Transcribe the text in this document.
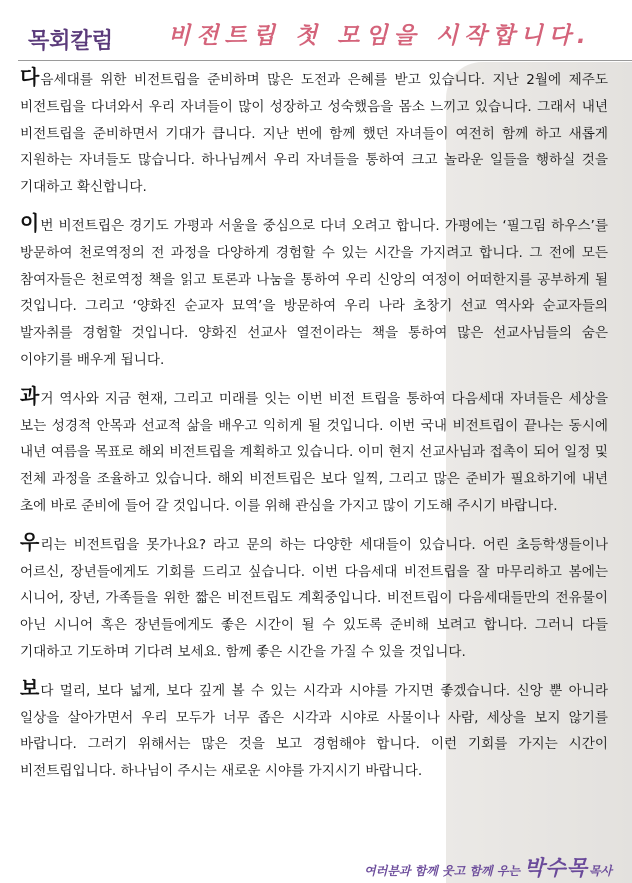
목회칼럼 비전트립 첫 모임을 시작합니다.

다음세대를 위한 비전트립을 준비하며 많은 도전과 은혜를 받고 있습니다. 지난 2월에 제주도 비전트립을 다녀와서 우리 자녀들이 많이 성장하고 성숙했음을 몸소 느끼고 있습니다. 그래서 내년 비전트립을 준비하면서 기대가 큽니다. 지난 번에 함께 했던 자녀들이 여전히 함께 하고 새롭게 지원하는 자녀들도 많습니다. 하나님께서 우리 자녀들을 통하여 크고 놀라운 일들을 행하실 것을 기대하고 확신합니다.

이번 비전트립은 경기도 가평과 서울을 중심으로 다녀 오려고 합니다. 가평에는 ‘필그림 하우스’를 방문하여 천로역정의 전 과정을 다양하게 경험할 수 있는 시간을 가지려고 합니다. 그 전에 모든 참여자들은 천로역정 책을 읽고 토론과 나눔을 통하여 우리 신앙의 여정이 어떠한지를 공부하게 될 것입니다. 그리고 ‘양화진 순교자 묘역’을 방문하여 우리 나라 초창기 선교 역사와 순교자들의 발자취를 경험할 것입니다. 양화진 선교사 열전이라는 책을 통하여 많은 선교사님들의 숨은 이야기를 배우게 됩니다.

과거 역사와 지금 현재, 그리고 미래를 잇는 이번 비전 트립을 통하여 다음세대 자녀들은 세상을 보는 성경적 안목과 선교적 삶을 배우고 익히게 될 것입니다. 이번 국내 비전트립이 끝나는 동시에 내년 여름을 목표로 해외 비전트립을 계획하고 있습니다. 이미 현지 선교사님과 접촉이 되어 일정 및 전체 과정을 조율하고 있습니다. 해외 비전트립은 보다 일찍, 그리고 많은 준비가 필요하기에 내년 초에 바로 준비에 들어 갈 것입니다. 이를 위해 관심을 가지고 많이 기도해 주시기 바랍니다.

우리는 비전트립을 못가나요? 라고 문의 하는 다양한 세대들이 있습니다. 어린 초등학생들이나 어르신, 장년들에게도 기회를 드리고 싶습니다. 이번 다음세대 비전트립을 잘 마무리하고 봄에는 시니어, 장년, 가족들을 위한 짧은 비전트립도 계획중입니다. 비전트립이 다음세대들만의 전유물이 아닌 시니어 혹은 장년들에게도 좋은 시간이 될 수 있도록 준비해 보려고 합니다. 그러니 다들 기대하고 기도하며 기다려 보세요. 함께 좋은 시간을 가질 수 있을 것입니다.

보다 멀리, 보다 넓게, 보다 깊게 볼 수 있는 시각과 시야를 가지면 좋겠습니다. 신앙 뿐 아니라 일상을 살아가면서 우리 모두가 너무 좁은 시각과 시야로 사물이나 사람, 세상을 보지 않기를 바랍니다. 그러기 위해서는 많은 것을 보고 경험해야 합니다. 이런 기회를 가지는 시간이 비전트립입니다. 하나님이 주시는 새로운 시야를 가지시기 바랍니다.

여러분과 함께 웃고 함께 우는 박수목목사
